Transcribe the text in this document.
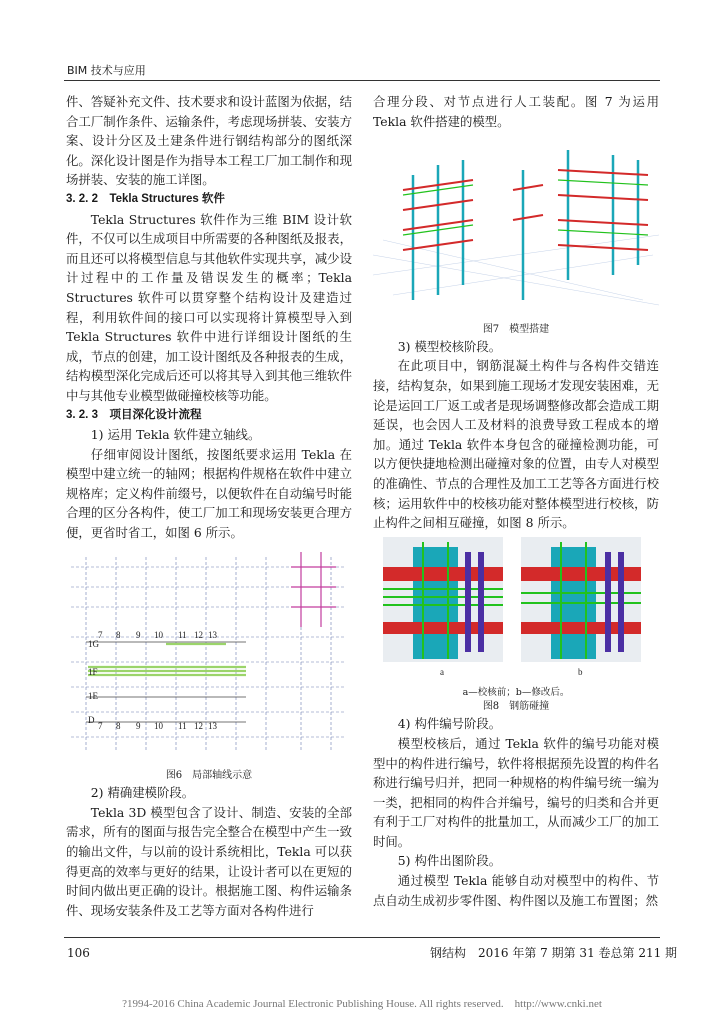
BIM 技术与应用

件、答疑补充文件、技术要求和设计蓝图为依据，结合工厂制作条件、运输条件，考虑现场拼装、安装方案、设计分区及土建条件进行钢结构部分的图纸深化。深化设计图是作为指导本工程工厂加工制作和现场拼装、安装的施工详图。

3. 2. 2　Tekla Structures 软件

Tekla Structures 软件作为三维 BIM 设计软件，不仅可以生成项目中所需要的各种图纸及报表，而且还可以将模型信息与其他软件实现共享，减少设计过程中的工作量及错误发生的概率；Tekla Structures 软件可以贯穿整个结构设计及建造过程，利用软件间的接口可以实现将计算模型导入到 Tekla Structures 软件中进行详细设计图纸的生成，节点的创建，加工设计图纸及各种报表的生成，结构模型深化完成后还可以将其导入到其他三维软件中与其他专业模型做碰撞校核等功能。

3. 2. 3　项目深化设计流程

1) 运用 Tekla 软件建立轴线。

仔细审阅设计图纸，按图纸要求运用 Tekla 在模型中建立统一的轴网；根据构件规格在软件中建立规格库；定义构件前缀号，以便软件在自动编号时能合理的区分各构件，使工厂加工和现场安装更合理方便，更省时省工，如图 6 所示。

7 8 9 10 11 12 13
1G
1F
1E
D
7 8 9 10 11 12 13

图6　局部轴线示意

2) 精确建模阶段。

Tekla 3D 模型包含了设计、制造、安装的全部需求，所有的图面与报告完全整合在模型中产生一致的输出文件，与以前的设计系统相比，Tekla 可以获得更高的效率与更好的结果，让设计者可以在更短的时间内做出更正确的设计。根据施工图、构件运输条件、现场安装条件及工艺等方面对各构件进行

合理分段、对节点进行人工装配。图 7 为运用 Tekla 软件搭建的模型。

图7　模型搭建

3) 模型校核阶段。

在此项目中，钢筋混凝土构件与各构件交错连接，结构复杂，如果到施工现场才发现安装困难，无论是运回工厂返工或者是现场调整修改都会造成工期延误，也会因人工及材料的浪费导致工程成本的增加。通过 Tekla 软件本身包含的碰撞检测功能，可以方便快捷地检测出碰撞对象的位置，由专人对模型的准确性、节点的合理性及加工工艺等各方面进行校核；运用软件中的校核功能对整体模型进行校核，防止构件之间相互碰撞，如图 8 所示。

a	b

a—校核前；b—修改后。

图8　钢筋碰撞

4) 构件编号阶段。

模型校核后，通过 Tekla 软件的编号功能对模型中的构件进行编号，软件将根据预先设置的构件名称进行编号归并，把同一种规格的构件编号统一编为一类，把相同的构件合并编号，编号的归类和合并更有利于工厂对构件的批量加工，从而减少工厂的加工时间。

5) 构件出图阶段。

通过模型 Tekla 能够自动对模型中的构件、节点自动生成初步零件图、构件图以及施工布置图；然

106	钢结构　2016 年第 7 期第 31 卷总第 211 期
?1994-2016 China Academic Journal Electronic Publishing House. All rights reserved.　http://www.cnki.net
